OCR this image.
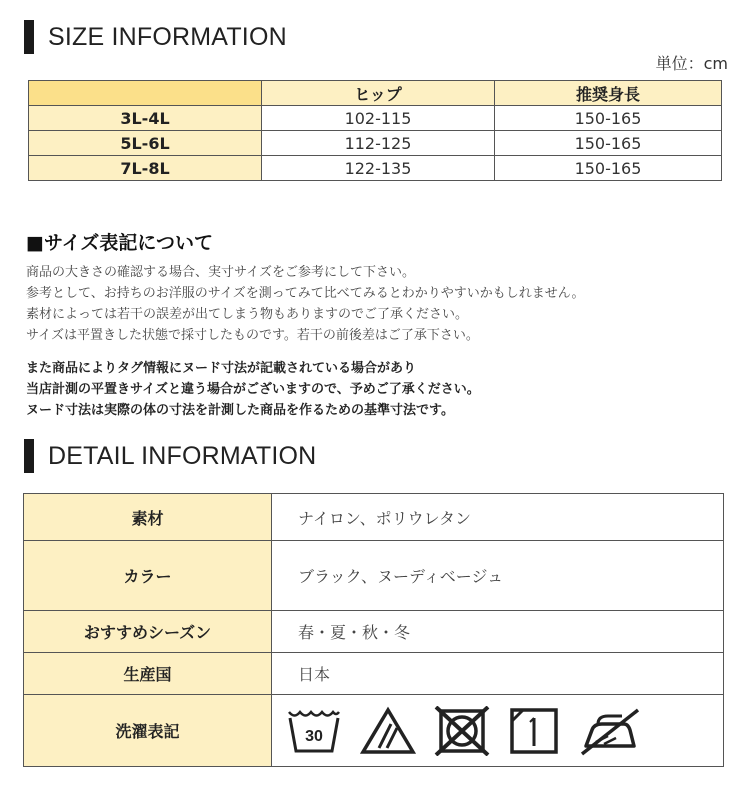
SIZE INFORMATION
単位：cm
	ヒップ	推奨身長
3L-4L	102-115	150-165
5L-6L	112-125	150-165
7L-8L	122-135	150-165
■サイズ表記について
商品の大きさの確認する場合、実寸サイズをご参考にして下さい。
参考として、お持ちのお洋服のサイズを測ってみて比べてみるとわかりやすいかもしれません。
素材によっては若干の誤差が出てしまう物もありますのでご了承ください。
サイズは平置きした状態で採寸したものです。若干の前後差はご了承下さい。
また商品によりタグ情報にヌード寸法が記載されている場合があり
当店計測の平置きサイズと違う場合がございますので、予めご了承ください。
ヌード寸法は実際の体の寸法を計測した商品を作るための基準寸法です。
DETAIL INFORMATION
素材	ナイロン、ポリウレタン
カラー	ブラック、ヌーディベージュ
おすすめシーズン	春・夏・秋・冬
生産国	日本
洗濯表記	30
